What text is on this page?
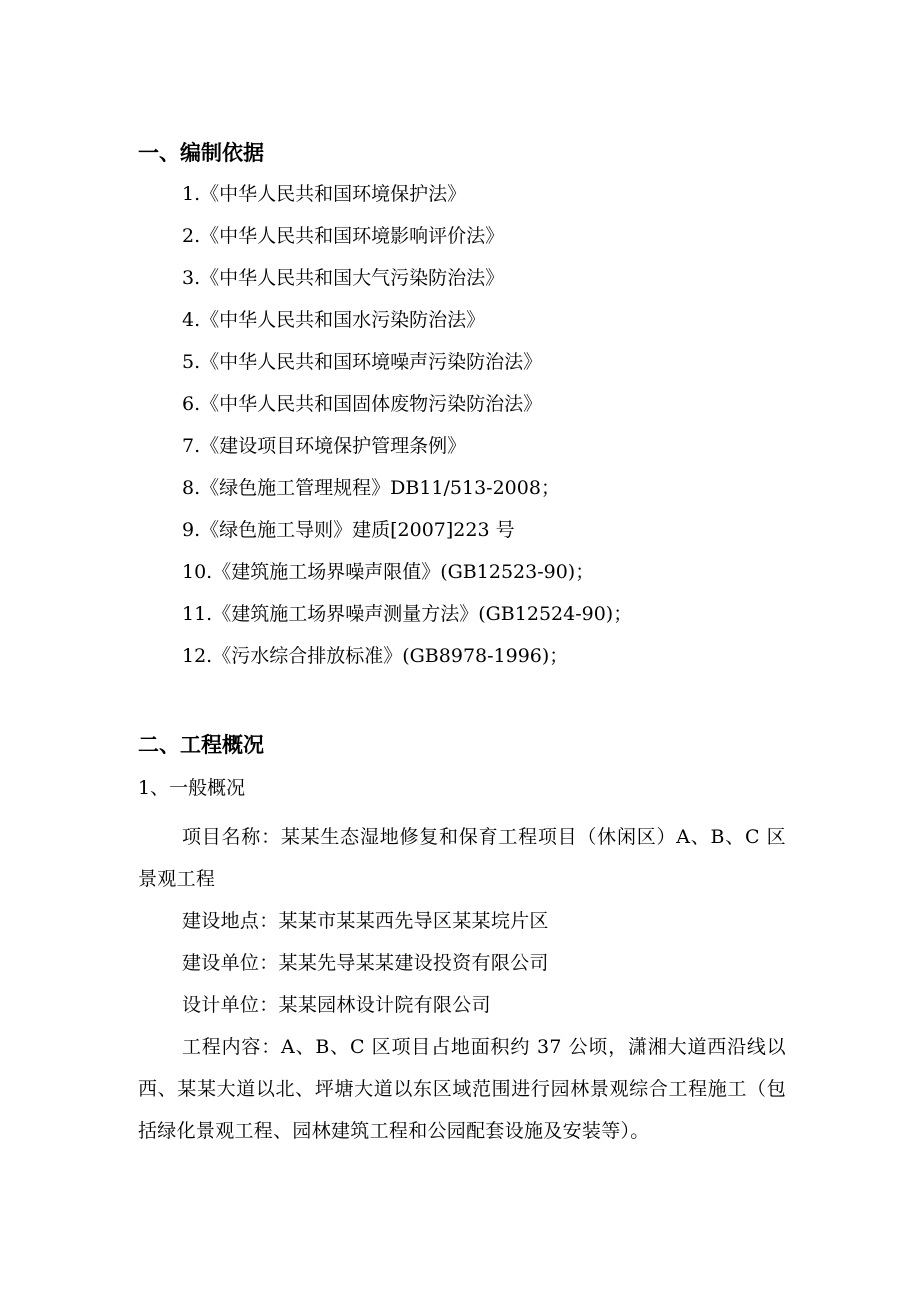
一、编制依据
1.《中华人民共和国环境保护法》
2.《中华人民共和国环境影响评价法》
3.《中华人民共和国大气污染防治法》
4.《中华人民共和国水污染防治法》
5.《中华人民共和国环境噪声污染防治法》
6.《中华人民共和国固体废物污染防治法》
7.《建设项目环境保护管理条例》
8.《绿色施工管理规程》DB11/513-2008；
9.《绿色施工导则》建质[2007]223 号
10.《建筑施工场界噪声限值》(GB12523-90)；
11.《建筑施工场界噪声测量方法》(GB12524-90)；
12.《污水综合排放标准》(GB8978-1996)；
二、工程概况
1、一般概况

项目名称：某某生态湿地修复和保育工程项目（休闲区）A、B、C 区景观工程

建设地点：某某市某某西先导区某某垸片区

建设单位：某某先导某某建设投资有限公司

设计单位：某某园林设计院有限公司

工程内容：A、B、C 区项目占地面积约 37 公顷，潇湘大道西沿线以西、某某大道以北、坪塘大道以东区域范围进行园林景观综合工程施工（包括绿化景观工程、园林建筑工程和公园配套设施及安装等）。
